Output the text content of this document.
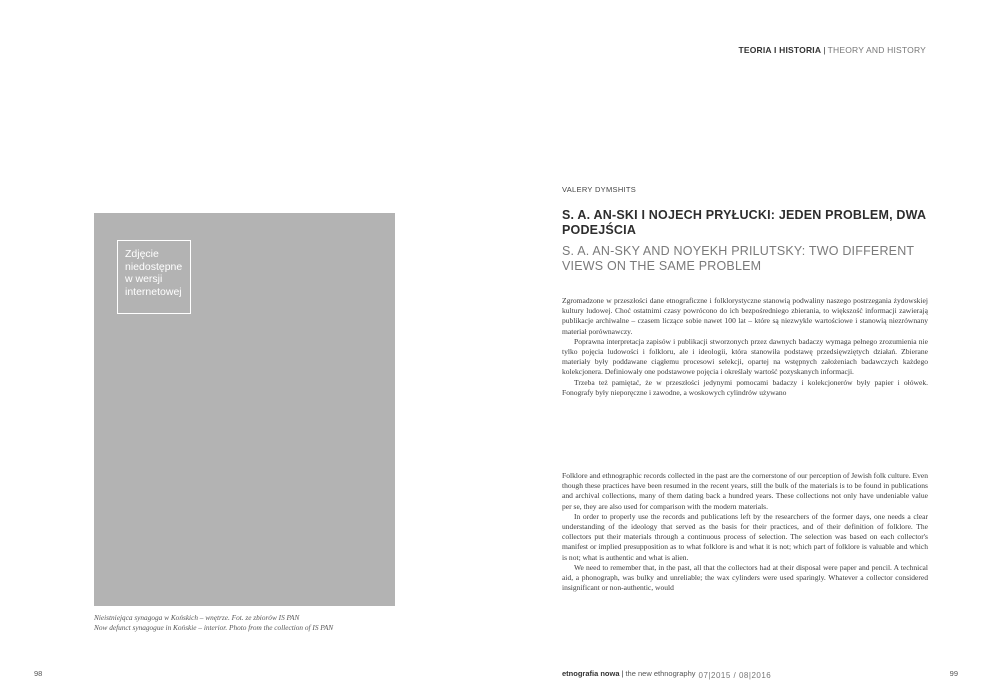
TEORIA I HISTORIA | THEORY AND HISTORY
Zdjęcie niedostępne w wersji internetowej
Nieistniejąca synagoga w Końskich – wnętrze. Fot. ze zbiorów IS PAN
Now defunct synagogue in Końskie – interior. Photo from the collection of IS PAN
VALERY DYMSHITS
S. A. AN-SKI I NOJECH PRYŁUCKI: JEDEN PROBLEM, DWA PODEJŚCIA
S. A. AN-SKY AND NOYEKH PRILUTSKY: TWO DIFFERENT VIEWS ON THE SAME PROBLEM

Zgromadzone w przeszłości dane etnograficzne i folklorystyczne stanowią podwaliny naszego postrzegania żydowskiej kultury ludowej. Choć ostatnimi czasy powrócono do ich bezpośredniego zbierania, to większość informacji zawierają publikacje archiwalne – czasem liczące sobie nawet 100 lat – które są niezwykle wartościowe i stanowią niezrównany materiał porównawczy.

Poprawna interpretacja zapisów i publikacji stworzonych przez dawnych badaczy wymaga pełnego zrozumienia nie tylko pojęcia ludowości i folkloru, ale i ideologii, która stanowiła podstawę przedsięwziętych działań. Zbierane materiały były poddawane ciągłemu procesowi selekcji, opartej na wstępnych założeniach badawczych każdego kolekcjonera. Definiowały one podstawowe pojęcia i określały wartość pozyskanych informacji.

Trzeba też pamiętać, że w przeszłości jedynymi pomocami badaczy i kolekcjonerów były papier i ołówek. Fonografy były nieporęczne i zawodne, a woskowych cylindrów używano

Folklore and ethnographic records collected in the past are the cornerstone of our perception of Jewish folk culture. Even though these practices have been resumed in the recent years, still the bulk of the materials is to be found in publications and archival collections, many of them dating back a hundred years. These collections not only have undeniable value per se, they are also used for comparison with the modern materials.

In order to properly use the records and publications left by the researchers of the former days, one needs a clear understanding of the ideology that served as the basis for their practices, and of their definition of folklore. The collectors put their materials through a continuous process of selection. The selection was based on each collector's manifest or implied presupposition as to what folklore is and what it is not; which part of folklore is valuable and which is not; what is authentic and what is alien.

We need to remember that, in the past, all that the collectors had at their disposal were paper and pencil. A technical aid, a phonograph, was bulky and unreliable; the wax cylinders were used sparingly. Whatever a collector considered insignificant or non-authentic, would

98	etnografia nowa | the new ethnography 07|2015 / 08|2016	99
